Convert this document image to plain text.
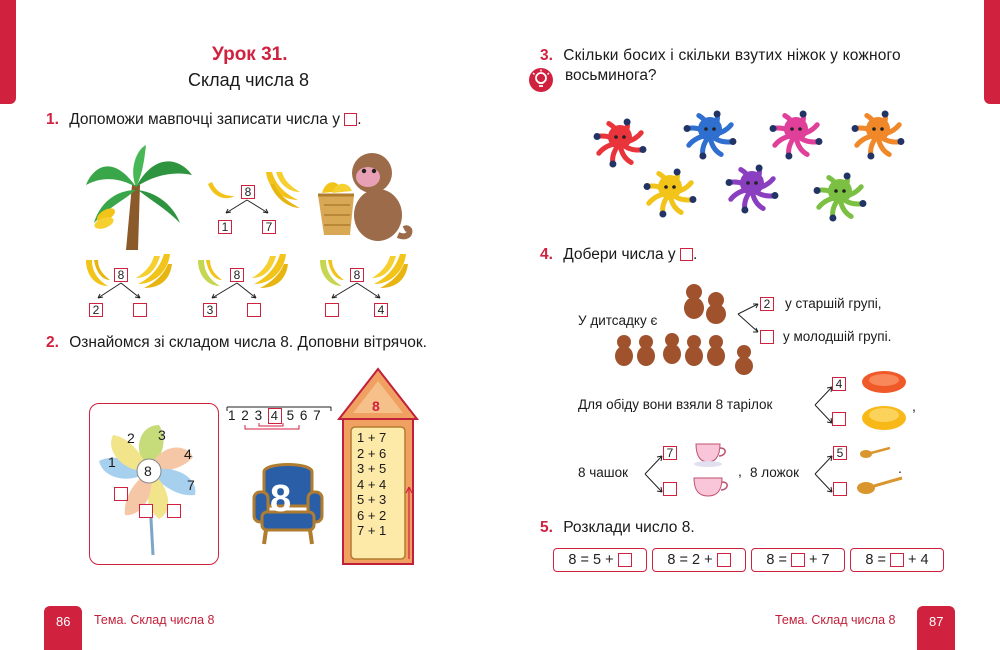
Урок 31.
Склад числа 8
1. Допоможи мавпочці записати числа у .
8
1	7
8
2
8
3
8
4
2. Ознайомся зі складом числа 8. Доповни вітрячок.
8
2 3
4
1
7
1 2 3 4 5 6 7
8
8
1 + 7
2 + 6
3 + 5
4 + 4
5 + 3
6 + 2
7 + 1
86 Тема. Склад числа 8
3. Скільки босих і скільки взутих ніжок у кожного
восьминога?
4. Добери числа у .
У дитсадку є
2 у старшій групі,
у молодшій групі.
Для обіду вони взяли 8 тарілок
4
,
8 чашок
7
, 8 ложок
5
.
5. Розклади число 8.
8 = 5 +	8 = 2 +	8 = + 7	8 = + 4
Тема. Склад числа 8	87
